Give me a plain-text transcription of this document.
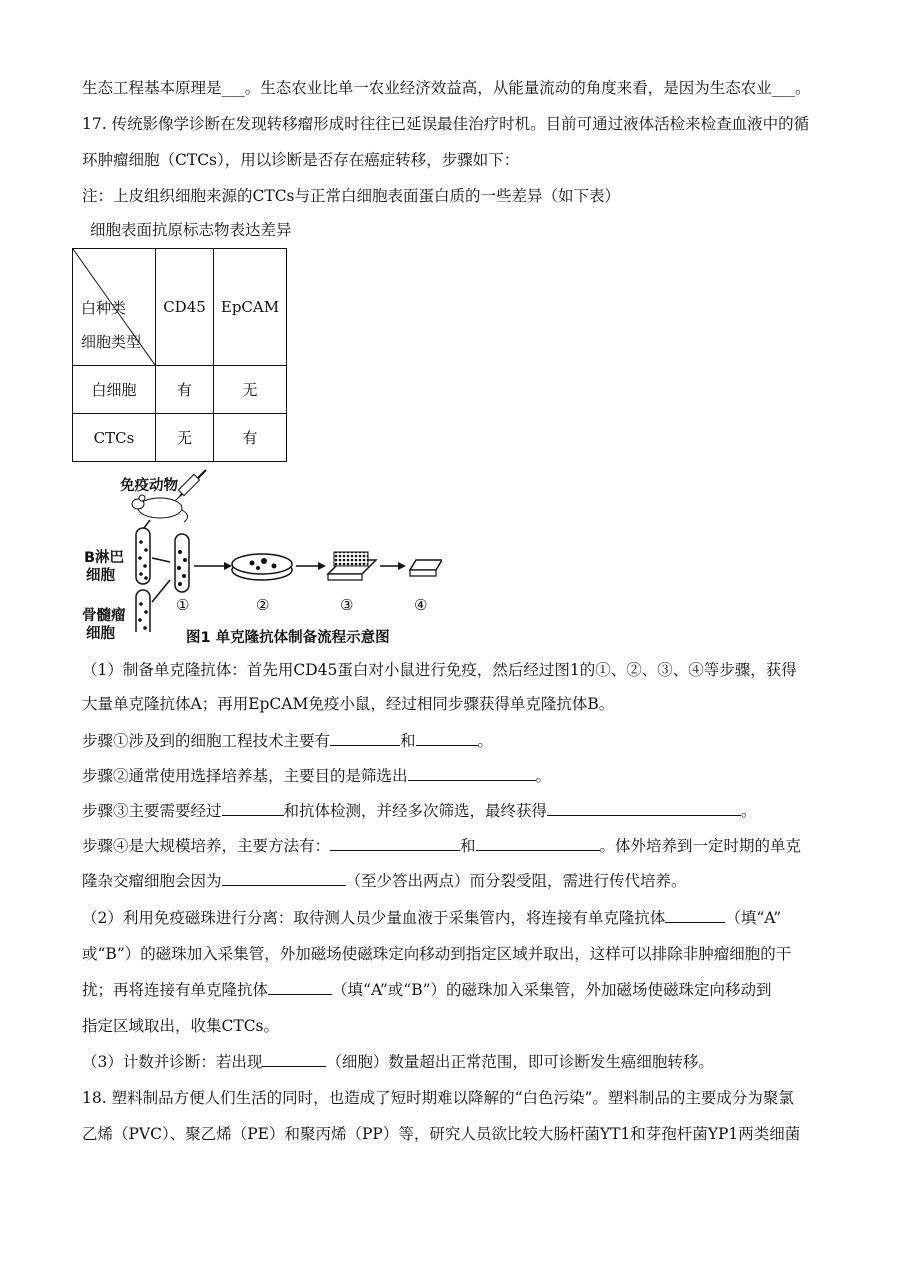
生态工程基本原理是___。生态农业比单一农业经济效益高，从能量流动的角度来看，是因为生态农业___。
17. 传统影像学诊断在发现转移瘤形成时往往已延误最佳治疗时机。目前可通过液体活检来检查血液中的循
环肿瘤细胞（CTCs），用以诊断是否存在癌症转移，步骤如下：
注：上皮组织细胞来源的CTCs与正常白细胞表面蛋白质的一些差异（如下表）
细胞表面抗原标志物表达差异
白种类
细胞类型	CD45	EpCAM
白细胞	有	无
CTCs	无	有
免疫动物
B淋巴
细胞
骨髓瘤
细胞
①	②	③	④
图1 单克隆抗体制备流程示意图
（1）制备单克隆抗体：首先用CD45蛋白对小鼠进行免疫，然后经过图1的①、②、③、④等步骤，获得
大量单克隆抗体A；再用EpCAM免疫小鼠，经过相同步骤获得单克隆抗体B。
步骤①涉及到的细胞工程技术主要有	和	。
步骤②通常使用选择培养基，主要目的是筛选出	。
步骤③主要需要经过	和抗体检测，并经多次筛选，最终获得	。
步骤④是大规模培养，主要方法有：	和	。体外培养到一定时期的单克
隆杂交瘤细胞会因为	（至少答出两点）而分裂受阻，需进行传代培养。
（2）利用免疫磁珠进行分离：取待测人员少量血液于采集管内，将连接有单克隆抗体	（填“A”
或“B”）的磁珠加入采集管，外加磁场使磁珠定向移动到指定区域并取出，这样可以排除非肿瘤细胞的干
扰；再将连接有单克隆抗体	（填“A”或“B”）的磁珠加入采集管，外加磁场使磁珠定向移动到
指定区域取出，收集CTCs。
（3）计数并诊断：若出现	（细胞）数量超出正常范围，即可诊断发生癌细胞转移。
18. 塑料制品方便人们生活的同时，也造成了短时期难以降解的“白色污染”。塑料制品的主要成分为聚氯
乙烯（PVC）、聚乙烯（PE）和聚丙烯（PP）等，研究人员欲比较大肠杆菌YT1和芽孢杆菌YP1两类细菌
